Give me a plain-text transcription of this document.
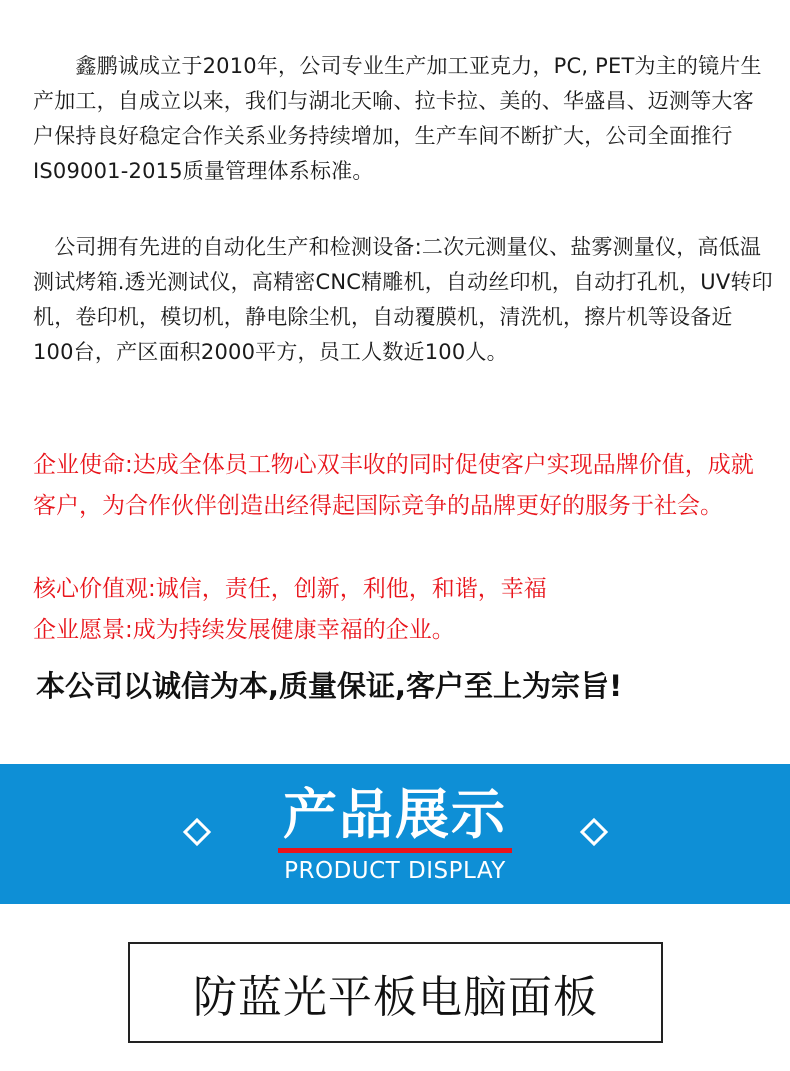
　　鑫鹏诚成立于2010年，公司专业生产加工亚克力，PC, PET为主的镜片生产加工，自成立以来，我们与湖北天喻、拉卡拉、美的、华盛昌、迈测等大客户保持良好稳定合作关系业务持续增加，生产车间不断扩大，公司全面推行IS09001-2015质量管理体系标准。

　公司拥有先进的自动化生产和检测设备:二次元测量仪、盐雾测量仪，高低温测试烤箱.透光测试仪，高精密CNC精雕机，自动丝印机，自动打孔机，UV转印机，卷印机，模切机，静电除尘机，自动覆膜机，清洗机，擦片机等设备近100台，产区面积2000平方，员工人数近100人。

企业使命:达成全体员工物心双丰收的同时促使客户实现品牌价值，成就客户，为合作伙伴创造出经得起国际竞争的品牌更好的服务于社会。

核心价值观:诚信，责任，创新，利他，和谐，幸福

企业愿景:成为持续发展健康幸福的企业。

本公司以诚信为本,质量保证,客户至上为宗旨!

产品展示
PRODUCT DISPLAY
防蓝光平板电脑面板
